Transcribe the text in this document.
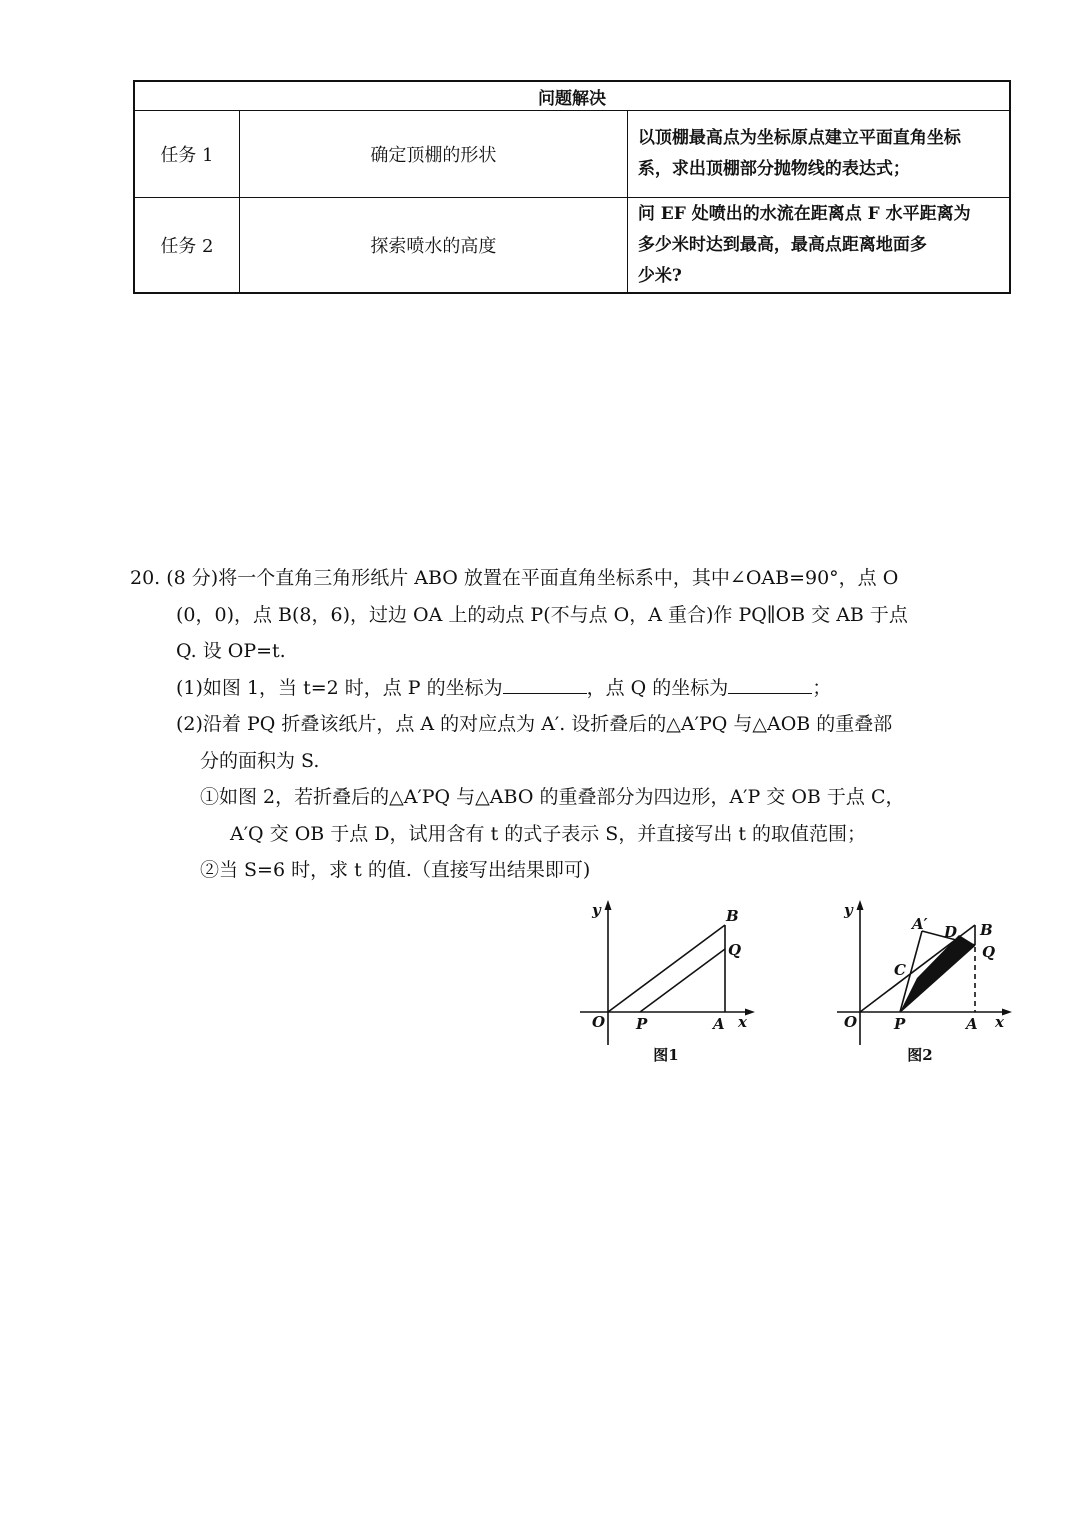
问题解决		
任务 1	确定顶棚的形状	以顶棚最高点为坐标原点建立平面直角坐标
系，求出顶棚部分抛物线的表达式；

任务 2	探索喷水的高度	问 EF 处喷出的水流在距离点 F 水平距离为
多少米时达到最高，最高点距离地面多
少米?
20. (8 分)将一个直角三角形纸片 ABO 放置在平面直角坐标系中，其中∠OAB=90°，点 O
(0，0)，点 B(8，6)，过边 OA 上的动点 P(不与点 O，A 重合)作 PQ∥OB 交 AB 于点
Q. 设 OP=t.
(1)如图 1，当 t=2 时，点 P 的坐标为	，点 Q 的坐标为	；
(2)沿着 PQ 折叠该纸片，点 A 的对应点为 A′. 设折叠后的△A′PQ 与△AOB 的重叠部
分的面积为 S.
①如图 2，若折叠后的△A′PQ 与△ABO 的重叠部分为四边形，A′P 交 OB 于点 C，
A′Q 交 OB 于点 D，试用含有 t 的式子表示 S，并直接写出 t 的取值范围；
②当 S=6 时，求 t 的值.（直接写出结果即可)
y
x
O P	A
B
Q
图1
y
x
O P	A
B
Q
A′
C
D
图2
